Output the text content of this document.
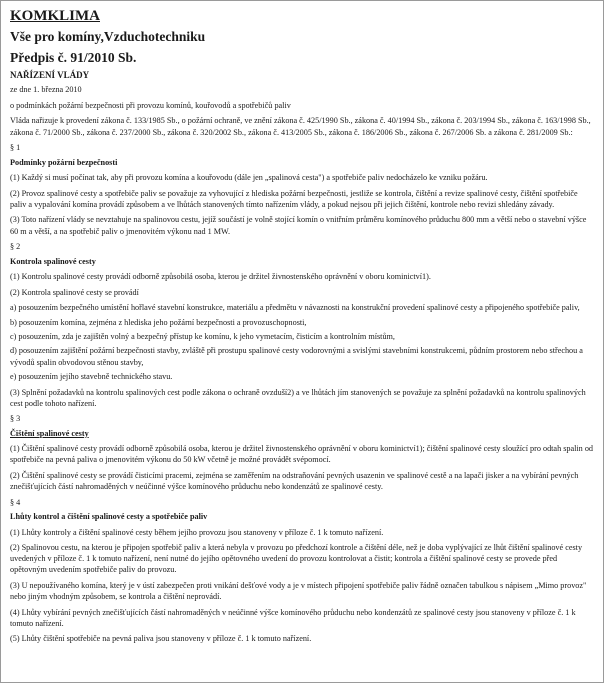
KOMKLIMA

Vše pro komíny,Vzduchotechniku

Předpis č. 91/2010 Sb.

NAŘÍZENÍ VLÁDY

ze dne 1. března 2010

o podmínkách požární bezpečnosti při provozu komínů, kouřovodů a spotřebičů paliv

Vláda nařizuje k provedení zákona č. 133/1985 Sb., o požární ochraně, ve znění zákona č. 425/1990 Sb., zákona č. 40/1994 Sb., zákona č. 203/1994 Sb., zákona č. 163/1998 Sb., zákona č. 71/2000 Sb., zákona č. 237/2000 Sb., zákona č. 320/2002 Sb., zákona č. 413/2005 Sb., zákona č. 186/2006 Sb., zákona č. 267/2006 Sb. a zákona č. 281/2009 Sb.:

§ 1

Podmínky požární bezpečnosti

(1) Každý si musí počínat tak, aby při provozu komína a kouřovodu (dále jen „spalinová cesta") a spotřebiče paliv nedocházelo ke vzniku požáru.

(2) Provoz spalinové cesty a spotřebiče paliv se považuje za vyhovující z hlediska požární bezpečnosti, jestliže se kontrola, čištění a revize spalinové cesty, čištění spotřebiče paliv a vypalování komína provádí způsobem a ve lhůtách stanovených tímto nařízením vlády, a pokud nejsou při jejich čištění, kontrole nebo revizi shledány závady.

(3) Toto nařízení vlády se nevztahuje na spalinovou cestu, jejíž součástí je volně stojící komín o vnitřním průměru komínového průduchu 800 mm a větší nebo o stavební výšce 60 m a větší, a na spotřebič paliv o jmenovitém výkonu nad 1 MW.

§ 2

Kontrola spalinové cesty

(1) Kontrolu spalinové cesty provádí odborně způsobilá osoba, kterou je držitel živnostenského oprávnění v oboru kominictví1).

(2) Kontrola spalinové cesty se provádí

a) posouzením bezpečného umístění hořlavé stavební konstrukce, materiálu a předmětu v návaznosti na konstrukční provedení spalinové cesty a připojeného spotřebiče paliv,

b) posouzením komína, zejména z hlediska jeho požární bezpečnosti a provozuschopnosti,

c) posouzením, zda je zajištěn volný a bezpečný přístup ke komínu, k jeho vymetacím, čisticím a kontrolním místům,

d) posouzením zajištění požární bezpečnosti stavby, zvláště při prostupu spalinové cesty vodorovnými a svislými stavebními konstrukcemi, půdním prostorem nebo střechou a vývodů spalin obvodovou stěnou stavby,

e) posouzením jejího stavebně technického stavu.

(3) Splnění požadavků na kontrolu spalinových cest podle zákona o ochraně ovzduší2) a ve lhůtách jím stanovených se považuje za splnění požadavků na kontrolu spalinových cest podle tohoto nařízení.

§ 3

Čištění spalinové cesty

(1) Čištění spalinové cesty provádí odborně způsobilá osoba, kterou je držitel živnostenského oprávnění v oboru kominictví1); čištění spalinové cesty sloužící pro odtah spalin od spotřebiče na pevná paliva o jmenovitém výkonu do 50 kW včetně je možné provádět svépomocí.

(2) Čištění spalinové cesty se provádí čisticími pracemi, zejména se zaměřením na odstraňování pevných usazenin ve spalinové cestě a na lapači jisker a na vybírání pevných znečišťujících částí nahromaděných v neúčinné výšce komínového průduchu nebo kondenzátů ze spalinové cesty.

§ 4

Lhůty kontrol a čištění spalinové cesty a spotřebiče paliv

(1) Lhůty kontroly a čištění spalinové cesty během jejího provozu jsou stanoveny v příloze č. 1 k tomuto nařízení.

(2) Spalinovou cestu, na kterou je připojen spotřebič paliv a která nebyla v provozu po předchozí kontrole a čištění déle, než je doba vyplývající ze lhůt čištění spalinové cesty uvedených v příloze č. 1 k tomuto nařízení, není nutné do jejího opětovného uvedení do provozu kontrolovat a čistit; kontrola a čištění spalinové cesty se provede před opětovným uvedením spotřebiče paliv do provozu.

(3) U nepoužívaného komína, který je v ústí zabezpečen proti vnikání dešťové vody a je v místech připojení spotřebiče paliv řádně označen tabulkou s nápisem „Mimo provoz" nebo jiným vhodným způsobem, se kontrola a čištění neprovádí.

(4) Lhůty vybírání pevných znečišťujících částí nahromaděných v neúčinné výšce komínového průduchu nebo kondenzátů ze spalinové cesty jsou stanoveny v příloze č. 1 k tomuto nařízení.

(5) Lhůty čištění spotřebiče na pevná paliva jsou stanoveny v příloze č. 1 k tomuto nařízení.
